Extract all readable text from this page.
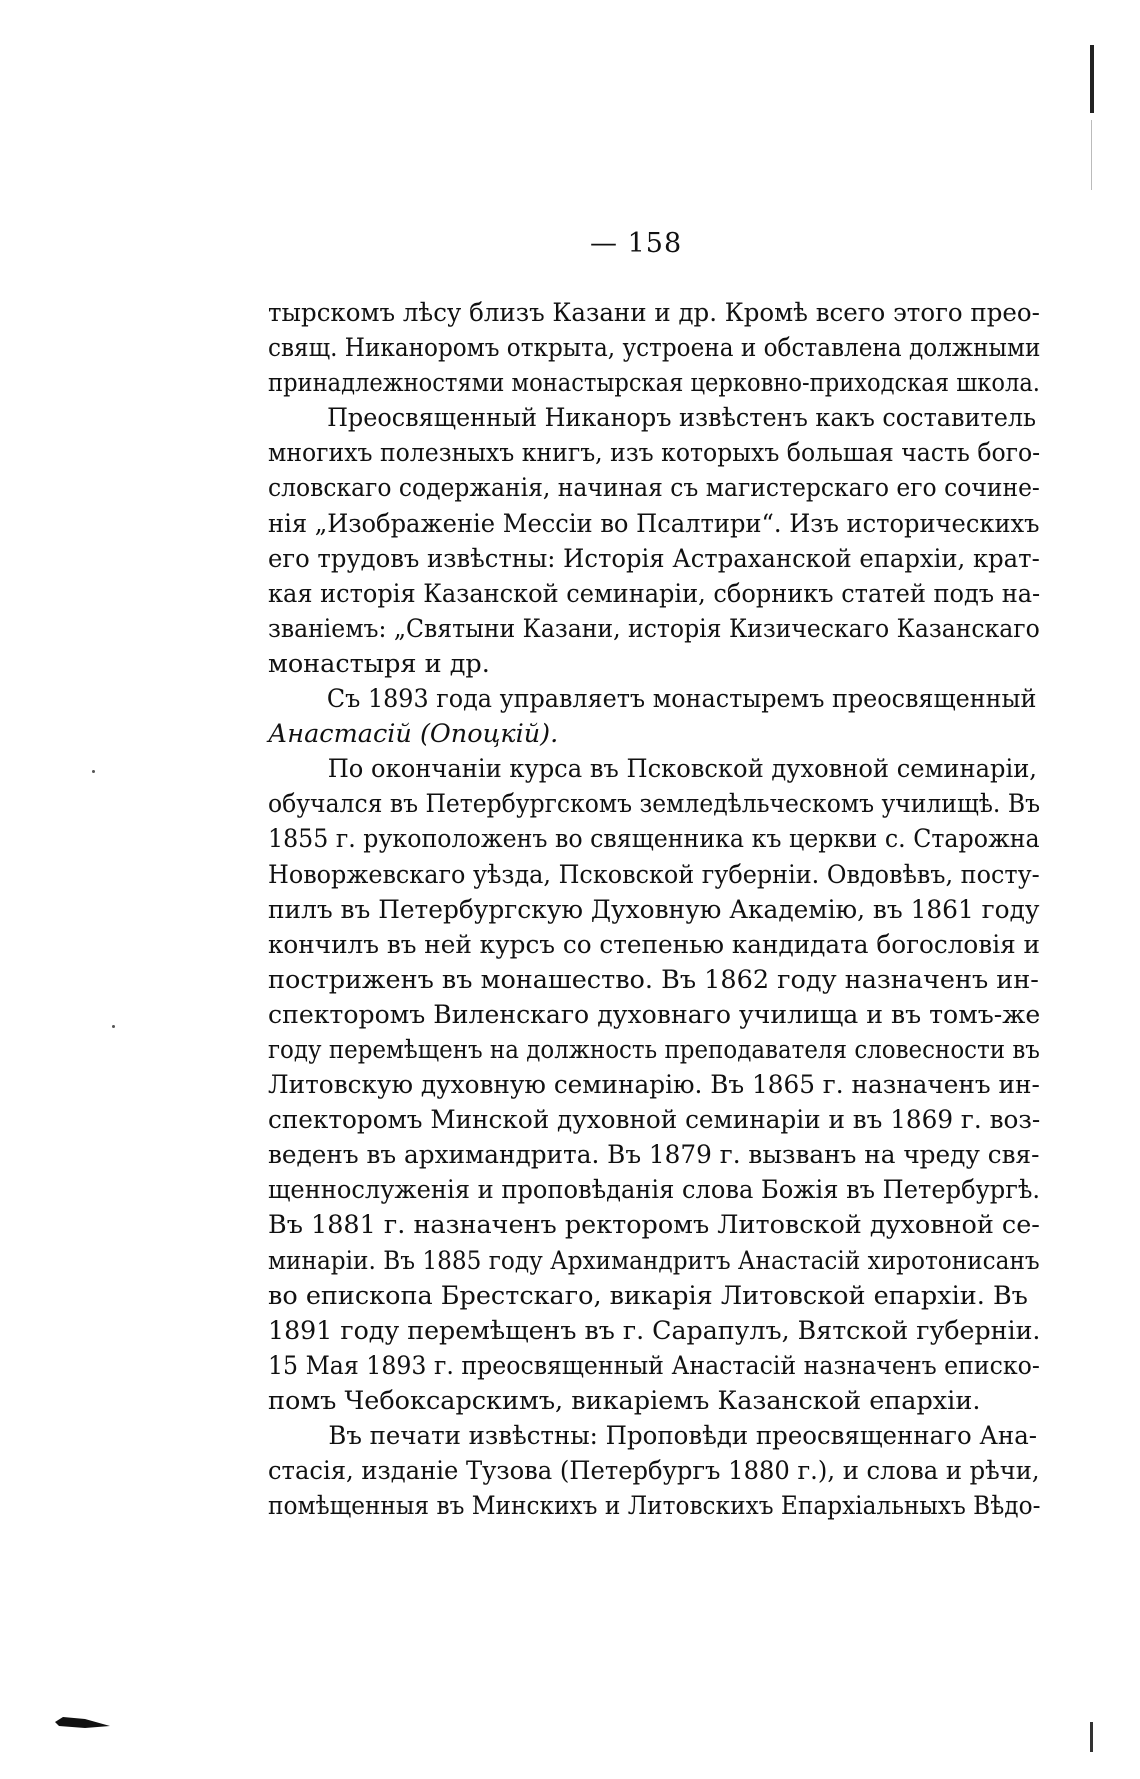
— 158
тырскомъ лѣсу близъ Казани и др. Кромѣ всего этого прео-
свящ. Никаноромъ открыта, устроена и обставлена должными
принадлежностями монастырская церковно-приходская школа.
Преосвященный Никаноръ извѣстенъ какъ составитель
многихъ полезныхъ книгъ, изъ которыхъ большая часть бого-
словскаго содержанія, начиная съ магистерскаго его сочине-
нія „Изображеніе Мессіи во Псалтири“. Изъ историческихъ
его трудовъ извѣстны: Исторія Астраханской епархіи, крат-
кая исторія Казанской семинаріи, сборникъ статей подъ на-
званіемъ: „Святыни Казани, исторія Кизическаго Казанскаго
монастыря и др.
Съ 1893 года управляетъ монастыремъ преосвященный
Анастасій (Опоцкій).
По окончаніи курса въ Псковской духовной семинаріи,
обучался въ Петербургскомъ земледѣльческомъ училищѣ. Въ
1855 г. рукоположенъ во священника къ церкви с. Старожна
Новоржевскаго уѣзда, Псковской губерніи. Овдовѣвъ, посту-
пилъ въ Петербургскую Духовную Академію, въ 1861 году
кончилъ въ ней курсъ со степенью кандидата богословія и
постриженъ въ монашество. Въ 1862 году назначенъ ин-
спекторомъ Виленскаго духовнаго училища и въ томъ-же
году перемѣщенъ на должность преподавателя словесности въ
Литовскую духовную семинарію. Въ 1865 г. назначенъ ин-
спекторомъ Минской духовной семинаріи и въ 1869 г. воз-
веденъ въ архимандрита. Въ 1879 г. вызванъ на чреду свя-
щеннослуженія и проповѣданія слова Божія въ Петербургѣ.
Въ 1881 г. назначенъ ректоромъ Литовской духовной се-
минаріи. Въ 1885 году Архимандритъ Анастасій хиротонисанъ
во епископа Брестскаго, викарія Литовской епархіи. Въ
1891 году перемѣщенъ въ г. Сарапулъ, Вятской губерніи.
15 Мая 1893 г. преосвященный Анастасій назначенъ еписко-
помъ Чебоксарскимъ, викаріемъ Казанской епархіи.
Въ печати извѣстны: Проповѣди преосвященнаго Ана-
стасія, изданіе Тузова (Петербургъ 1880 г.), и слова и рѣчи,
помѣщенныя въ Минскихъ и Литовскихъ Епархіальныхъ Вѣдо-
